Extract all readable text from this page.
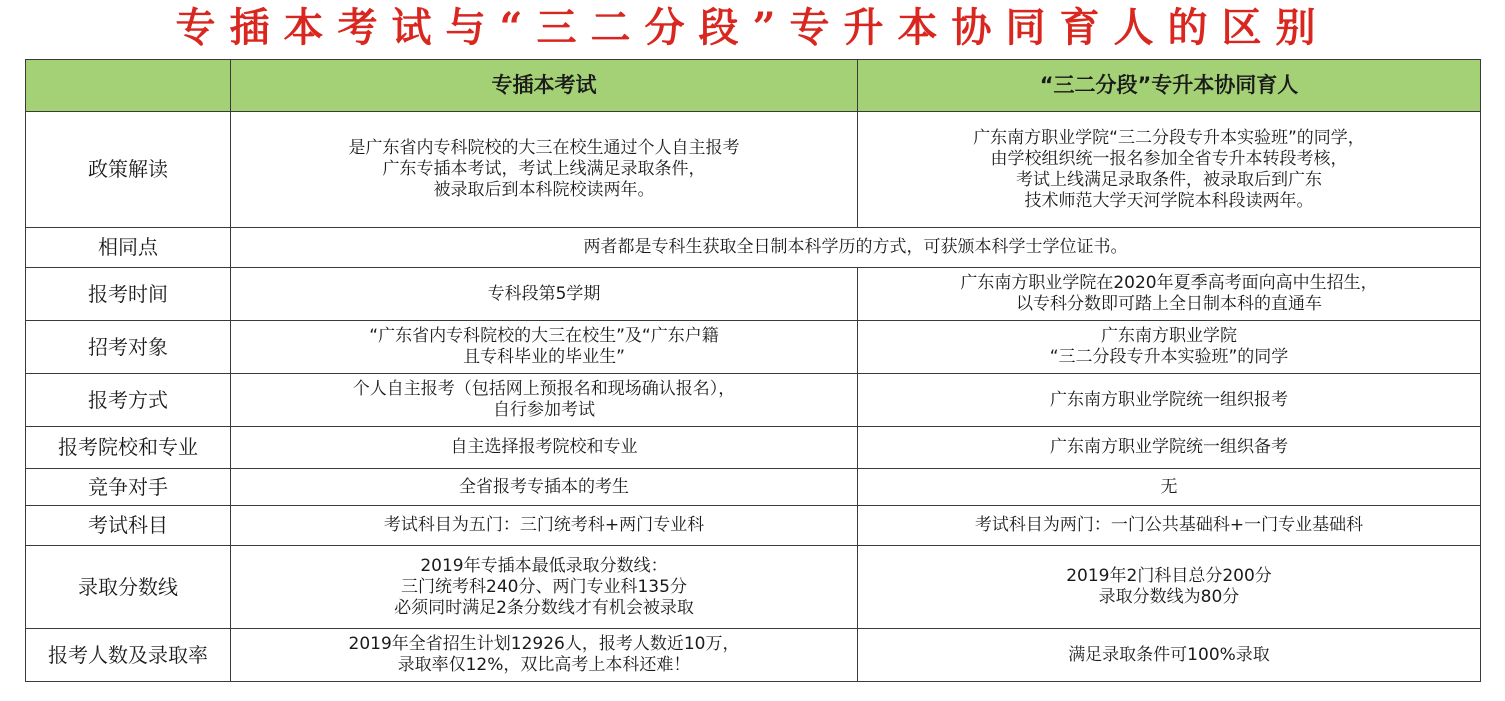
专插本考试与“三二分段”专升本协同育人的区别
	专插本考试	“三二分段”专升本协同育人
政策解读	是广东省内专科院校的大三在校生通过个人自主报考
广东专插本考试，考试上线满足录取条件，
被录取后到本科院校读两年。	广东南方职业学院“三二分段专升本实验班”的同学，
由学校组织统一报名参加全省专升本转段考核，
考试上线满足录取条件，被录取后到广东
技术师范大学天河学院本科段读两年。

相同点	两者都是专科生获取全日制本科学历的方式，可获颁本科学士学位证书。	

报考时间	专科段第5学期	广东南方职业学院在2020年夏季高考面向高中生招生，
以专科分数即可踏上全日制本科的直通车

招考对象	“广东省内专科院校的大三在校生”及“广东户籍
且专科毕业的毕业生”	广东南方职业学院
“三二分段专升本实验班”的同学

报考方式	个人自主报考（包括网上预报名和现场确认报名），
自行参加考试	广东南方职业学院统一组织报考

报考院校和专业	自主选择报考院校和专业	广东南方职业学院统一组织备考

竞争对手	全省报考专插本的考生	无

考试科目	考试科目为五门：三门统考科+两门专业科	考试科目为两门：一门公共基础科+一门专业基础科

录取分数线	2019年专插本最低录取分数线：
三门统考科240分、两门专业科135分
必须同时满足2条分数线才有机会被录取	2019年2门科目总分200分
录取分数线为80分

报考人数及录取率	2019年全省招生计划12926人，报考人数近10万，
录取率仅12%，双比高考上本科还难！	满足录取条件可100%录取
